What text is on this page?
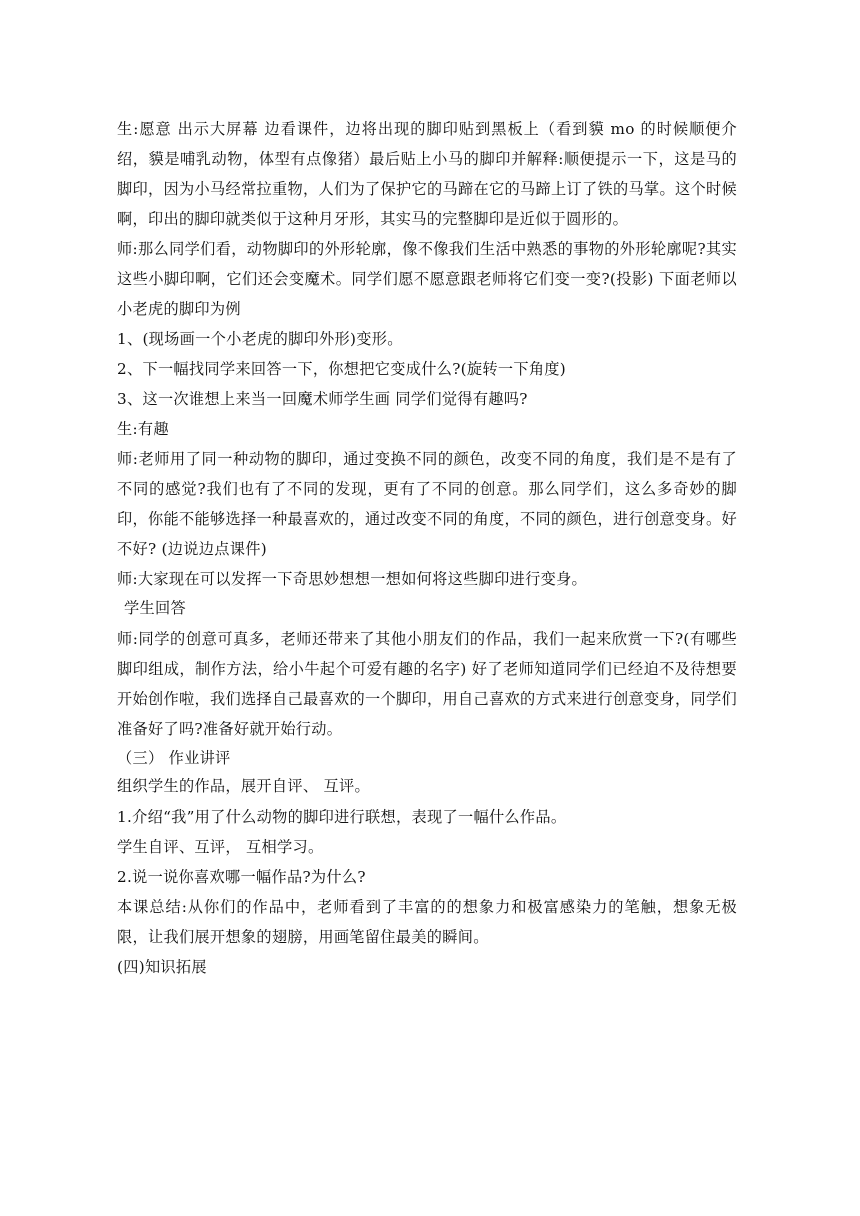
生:愿意 出示大屏幕 边看课件，边将出现的脚印贴到黑板上（看到貘 mo 的时候顺便介绍，貘是哺乳动物，体型有点像猪）最后贴上小马的脚印并解释:顺便提示一下，这是马的脚印，因为小马经常拉重物，人们为了保护它的马蹄在它的马蹄上订了铁的马掌。这个时候啊，印出的脚印就类似于这种月牙形，其实马的完整脚印是近似于圆形的。

师:那么同学们看，动物脚印的外形轮廓，像不像我们生活中熟悉的事物的外形轮廓呢?其实这些小脚印啊，它们还会变魔术。同学们愿不愿意跟老师将它们变一变?(投影) 下面老师以小老虎的脚印为例

1、(现场画一个小老虎的脚印外形)变形。

2、下一幅找同学来回答一下，你想把它变成什么?(旋转一下角度)

3、这一次谁想上来当一回魔术师学生画 同学们觉得有趣吗?

生:有趣

师:老师用了同一种动物的脚印，通过变换不同的颜色，改变不同的角度，我们是不是有了不同的感觉?我们也有了不同的发现，更有了不同的创意。那么同学们，这么多奇妙的脚印，你能不能够选择一种最喜欢的，通过改变不同的角度，不同的颜色，进行创意变身。好不好? (边说边点课件)

师:大家现在可以发挥一下奇思妙想想一想如何将这些脚印进行变身。

学生回答

师:同学的创意可真多，老师还带来了其他小朋友们的作品，我们一起来欣赏一下?(有哪些脚印组成，制作方法，给小牛起个可爱有趣的名字) 好了老师知道同学们已经迫不及待想要开始创作啦，我们选择自己最喜欢的一个脚印，用自己喜欢的方式来进行创意变身，同学们准备好了吗?准备好就开始行动。

（三） 作业讲评

组织学生的作品，展开自评、 互评。

1.介绍“我”用了什么动物的脚印进行联想，表现了一幅什么作品。

学生自评、互评， 互相学习。

2.说一说你喜欢哪一幅作品?为什么?

本课总结:从你们的作品中，老师看到了丰富的的想象力和极富感染力的笔触，想象无极限，让我们展开想象的翅膀，用画笔留住最美的瞬间。

(四)知识拓展
